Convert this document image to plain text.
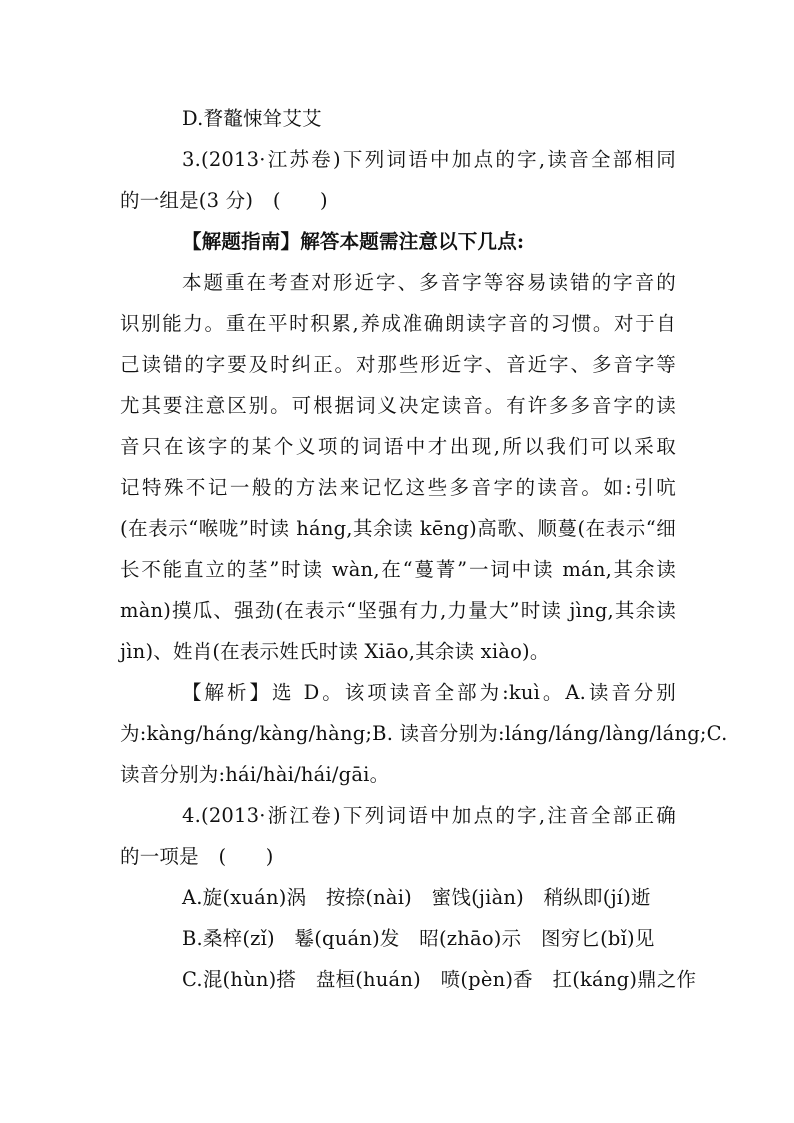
D.瞀鼇悚耸艾艾
3.(2013·江苏卷)下列词语中加点的字,读音全部相同
的一组是(3 分)　(　　)
【解题指南】解答本题需注意以下几点:
本题重在考查对形近字、多音字等容易读错的字音的
识别能力。重在平时积累,养成准确朗读字音的习惯。对于自
己读错的字要及时纠正。对那些形近字、音近字、多音字等
尤其要注意区别。可根据词义决定读音。有许多多音字的读
音只在该字的某个义项的词语中才出现,所以我们可以采取
记特殊不记一般的方法来记忆这些多音字的读音。如:引吭
(在表示“喉咙”时读 háng,其余读 kēng)高歌、顺蔓(在表示“细
长不能直立的茎”时读 wàn,在“蔓菁”一词中读 mán,其余读
màn)摸瓜、强劲(在表示“坚强有力,力量大”时读 jìng,其余读
jìn)、姓肖(在表示姓氏时读 Xiāo,其余读 xiào)。
【解析】选 D。该项读音全部为:kuì。A.读音分别
为:kàng/háng/kàng/hàng;B. 读音分别为:láng/láng/làng/láng;C.
读音分别为:hái/hài/hái/gāi。
4.(2013·浙江卷)下列词语中加点的字,注音全部正确
的一项是　(　　)
A.旋(xuán)涡　按捺(nài)　蜜饯(jiàn)　稍纵即(jí)逝
B.桑梓(zǐ)　鬈(quán)发　昭(zhāo)示　图穷匕(bǐ)见
C.混(hùn)搭　盘桓(huán)　喷(pèn)香　扛(káng)鼎之作
